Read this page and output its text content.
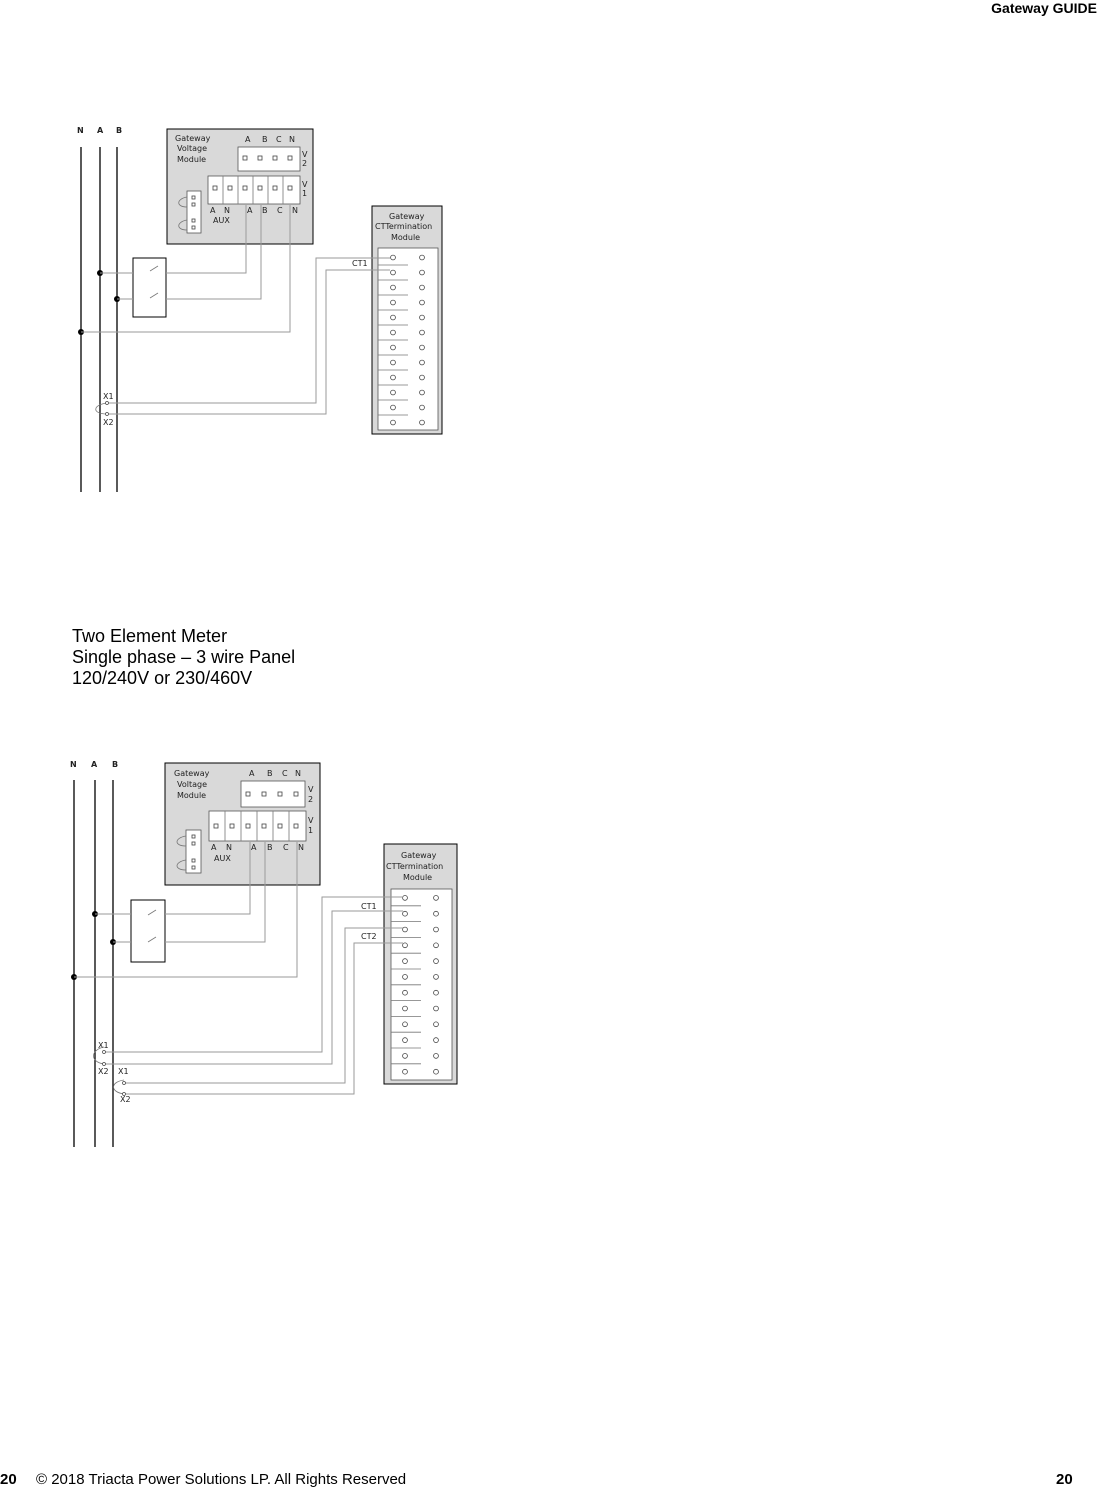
Gateway GUIDE
N A B
Gateway
Voltage
Module
A B C N
V
2
V
1
A N
AUX
A B C N
Gateway
CTTermination
Module
CT1
X1
X2
Two Element Meter
Single phase – 3 wire Panel
120/240V or 230/460V
N A B
Gateway
Voltage
Module
A B C N
V
2
V
1
A N
AUX
A B C N
Gateway
CTTermination
Module
CT1
CT2
X1
X2 X1
X2
20 © 2018 Triacta Power Solutions LP. All Rights Reserved	20
